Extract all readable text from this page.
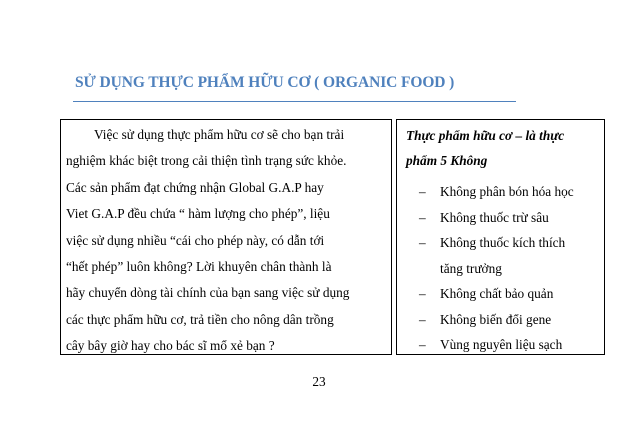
SỬ DỤNG THỰC PHẨM HỮU CƠ ( ORGANIC FOOD )

Việc sử dụng thực phẩm hữu cơ sẽ cho bạn trải
nghiệm khác biệt trong cải thiện tình trạng sức khỏe.
Các sản phẩm đạt chứng nhận Global G.A.P hay
Viet G.A.P đều chứa “ hàm lượng cho phép”, liệu
việc sử dụng nhiều “cái cho phép này, có dẫn tới
“hết phép” luôn không? Lời khuyên chân thành là
hãy chuyển dòng tài chính của bạn sang việc sử dụng
các thực phẩm hữu cơ, trả tiền cho nông dân trồng
cây bây giờ hay cho bác sĩ mổ xẻ bạn ?

Thực phẩm hữu cơ – là thực
phẩm 5 Không

– Không phân bón hóa học
– Không thuốc trừ sâu
– Không thuốc kích thích
tăng trưởng
– Không chất bảo quản
– Không biến đổi gene
– Vùng nguyên liệu sạch
23
